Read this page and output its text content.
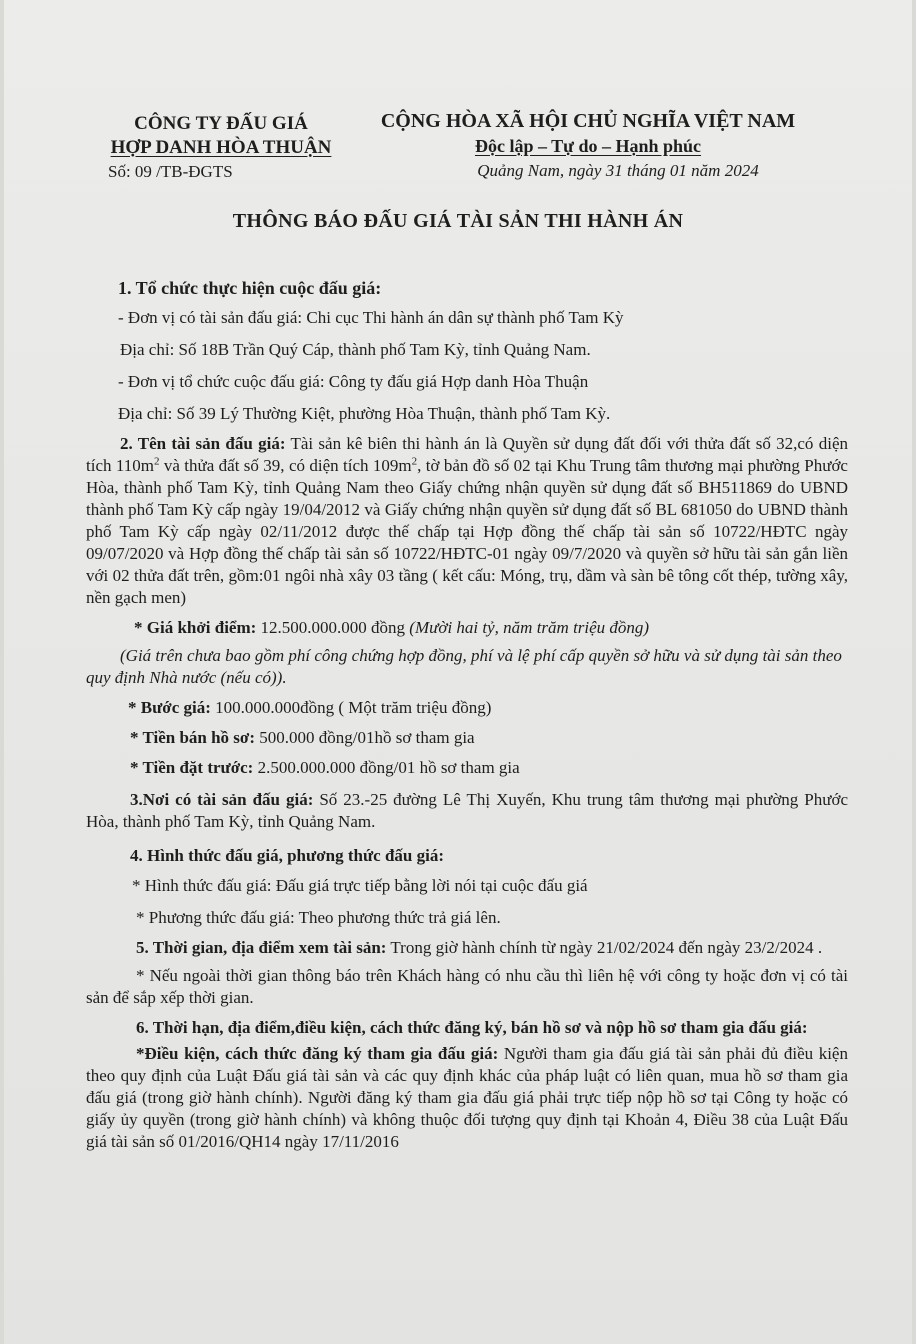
CÔNG TY ĐẤU GIÁ
HỢP DANH HÒA THUẬN
Số: 09 /TB-ĐGTS
CỘNG HÒA XÃ HỘI CHỦ NGHĨA VIỆT NAM
Độc lập – Tự do – Hạnh phúc
Quảng Nam, ngày 31 tháng 01 năm 2024
THÔNG BÁO ĐẤU GIÁ TÀI SẢN THI HÀNH ÁN

1. Tổ chức thực hiện cuộc đấu giá:

- Đơn vị có tài sản đấu giá: Chi cục Thi hành án dân sự thành phố Tam Kỳ

Địa chỉ: Số 18B Trần Quý Cáp, thành phố Tam Kỳ, tỉnh Quảng Nam.

- Đơn vị tổ chức cuộc đấu giá: Công ty đấu giá Hợp danh Hòa Thuận

Địa chỉ: Số 39 Lý Thường Kiệt, phường Hòa Thuận, thành phố Tam Kỳ.

2. Tên tài sản đấu giá: Tài sản kê biên thi hành án là Quyền sử dụng đất đối với thửa đất số 32,có diện tích $110m^2$ và thửa đất số 39, có diện tích $109m^2$, tờ bản đồ số 02 tại Khu Trung tâm thương mại phường Phước Hòa, thành phố Tam Kỳ, tỉnh Quảng Nam theo Giấy chứng nhận quyền sử dụng đất số BH511869 do UBND thành phố Tam Kỳ cấp ngày 19/04/2012 và Giấy chứng nhận quyền sử dụng đất số BL 681050 do UBND thành phố Tam Kỳ cấp ngày 02/11/2012 được thế chấp tại Hợp đồng thế chấp tài sản số 10722/HĐTC ngày 09/07/2020 và Hợp đồng thế chấp tài sản số 10722/HĐTC-01 ngày 09/7/2020 và quyền sở hữu tài sản gắn liền với 02 thửa đất trên, gồm:01 ngôi nhà xây 03 tầng ( kết cấu: Móng, trụ, dầm và sàn bê tông cốt thép, tường xây, nền gạch men)

* Giá khởi điểm: 12.500.000.000 đồng (Mười hai tỷ, năm trăm triệu đồng)

(Giá trên chưa bao gồm phí công chứng hợp đồng, phí và lệ phí cấp quyền sở hữu và sử dụng tài sản theo quy định Nhà nước (nếu có)).

* Bước giá: 100.000.000đồng ( Một trăm triệu đồng)

* Tiền bán hồ sơ: 500.000 đồng/01hồ sơ tham gia

* Tiền đặt trước: 2.500.000.000 đồng/01 hồ sơ tham gia

3.Nơi có tài sản đấu giá: Số 23.-25 đường Lê Thị Xuyến, Khu trung tâm thương mại phường Phước Hòa, thành phố Tam Kỳ, tỉnh Quảng Nam.

4. Hình thức đấu giá, phương thức đấu giá:

* Hình thức đấu giá: Đấu giá trực tiếp bằng lời nói tại cuộc đấu giá

* Phương thức đấu giá: Theo phương thức trả giá lên.

5. Thời gian, địa điểm xem tài sản: Trong giờ hành chính từ ngày 21/02/2024 đến ngày 23/2/2024 .

* Nếu ngoài thời gian thông báo trên Khách hàng có nhu cầu thì liên hệ với công ty hoặc đơn vị có tài sản để sắp xếp thời gian.

6. Thời hạn, địa điểm,điều kiện, cách thức đăng ký, bán hồ sơ và nộp hồ sơ tham gia đấu giá:

*Điều kiện, cách thức đăng ký tham gia đấu giá: Người tham gia đấu giá tài sản phải đủ điều kiện theo quy định của Luật Đấu giá tài sản và các quy định khác của pháp luật có liên quan, mua hồ sơ tham gia đấu giá (trong giờ hành chính). Người đăng ký tham gia đấu giá phải trực tiếp nộp hồ sơ tại Công ty hoặc có giấy ủy quyền (trong giờ hành chính) và không thuộc đối tượng quy định tại Khoản 4, Điều 38 của Luật Đấu giá tài sản số 01/2016/QH14 ngày 17/11/2016
